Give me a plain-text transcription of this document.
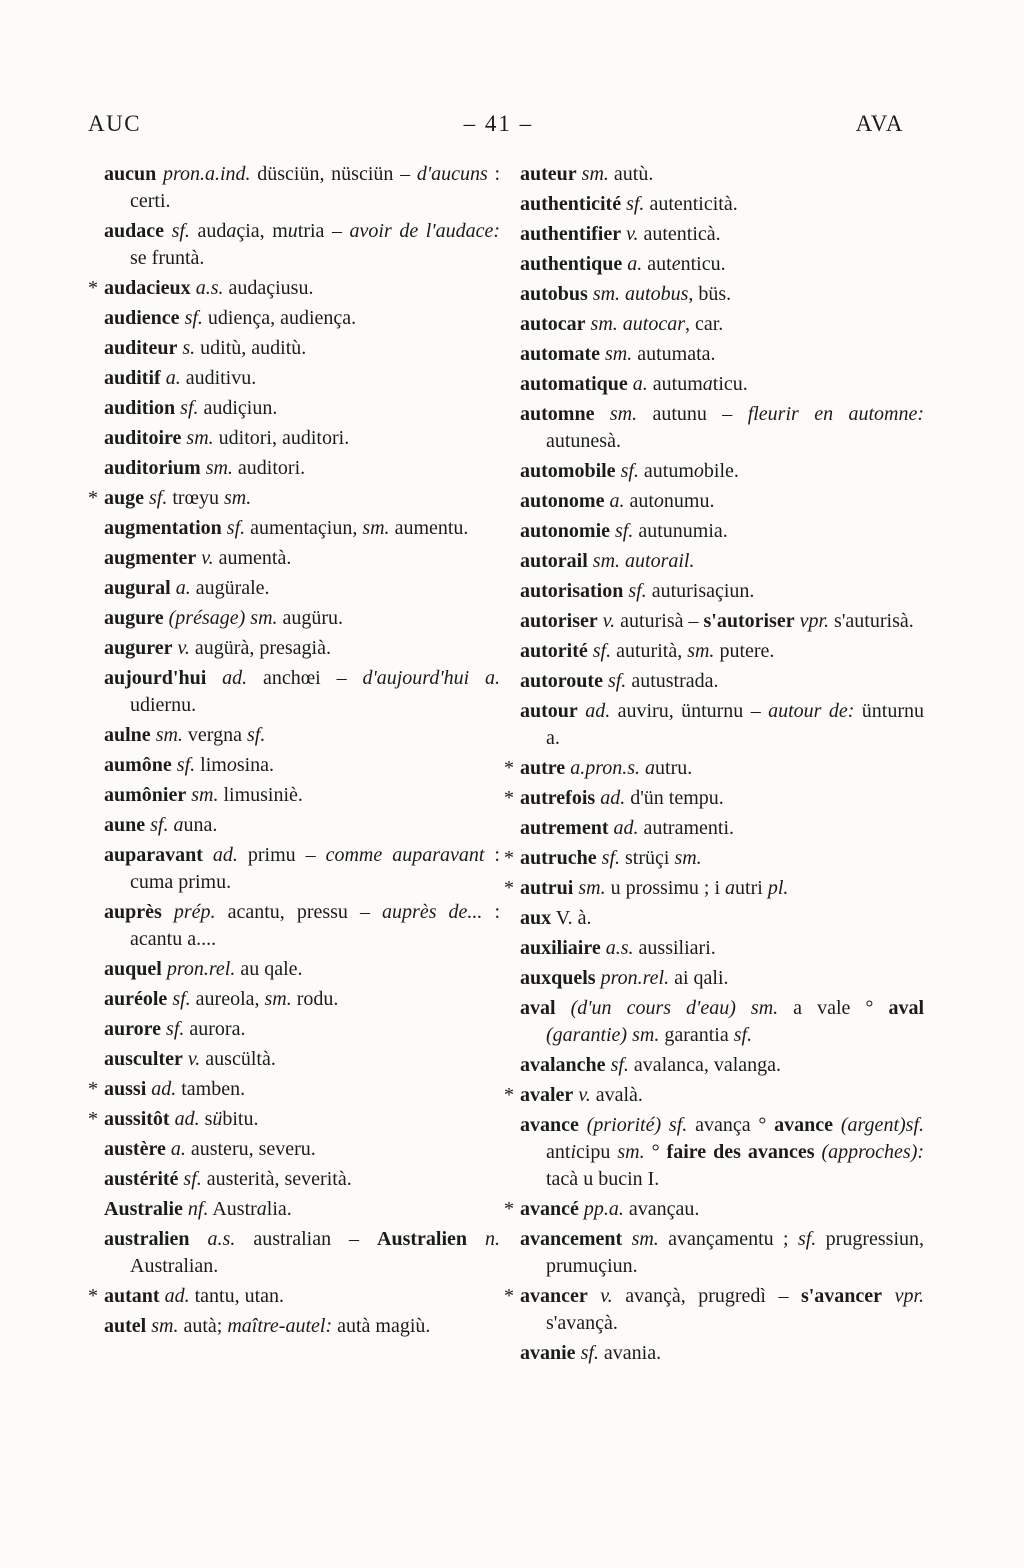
AUC	– 41 –	AVA
aucun pron.a.ind. düsciün, nüsciün – d'aucuns : certi.
audace sf. audaçia, mutria – avoir de l'audace: se fruntà.
* audacieux a.s. audaçiusu.
audience sf. udiença, audiença.
auditeur s. uditù, auditù.
auditif a. auditivu.
audition sf. audiçiun.
auditoire sm. uditori, auditori.
auditorium sm. auditori.
* auge sf. trœyu sm.
augmentation sf. aumentaçiun, sm. aumentu.
augmenter v. aumentà.
augural a. augürale.
augure (présage) sm. augüru.
augurer v. augürà, presagià.
aujourd'hui ad. anchœi – d'aujourd'hui a. udiernu.
aulne sm. vergna sf.
aumône sf. limosina.
aumônier sm. limusiniè.
aune sf. auna.
auparavant ad. primu – comme auparavant : cuma primu.
auprès prép. acantu, pressu – auprès de... : acantu a....
auquel pron.rel. au qale.
auréole sf. aureola, sm. rodu.
aurore sf. aurora.
ausculter v. auscültà.
* aussi ad. tamben.
* aussitôt ad. sübitu.
austère a. austeru, severu.
austérité sf. austerità, severità.
Australie nf. Australia.
australien a.s. australian – Australien n. Australian.
* autant ad. tantu, utan.
autel sm. autà; maître-autel: autà magiù.
auteur sm. autù.
authenticité sf. autenticità.
authentifier v. autenticà.
authentique a. autenticu.
autobus sm. autobus, büs.
autocar sm. autocar, car.
automate sm. autumata.
automatique a. autumaticu.
automne sm. autunu – fleurir en automne: autunesà.
automobile sf. autumobile.
autonome a. autonumu.
autonomie sf. autunumia.
autorail sm. autorail.
autorisation sf. auturisaçiun.
autoriser v. auturisà – s'autoriser vpr. s'auturisà.
autorité sf. auturità, sm. putere.
autoroute sf. autustrada.
autour ad. auviru, ünturnu – autour de: ünturnu a.
* autre a.pron.s. autru.
* autrefois ad. d'ün tempu.
autrement ad. autramenti.
* autruche sf. strüçi sm.
* autrui sm. u prossimu ; i autri pl.
aux V. à.
auxiliaire a.s. aussiliari.
auxquels pron.rel. ai qali.
aval (d'un cours d'eau) sm. a vale ° aval (garantie) sm. garantia sf.
avalanche sf. avalanca, valanga.
* avaler v. avalà.
avance (priorité) sf. avança ° avance (argent)sf. anticipu sm. ° faire des avances (approches): tacà u bucin I.
* avancé pp.a. avançau.
avancement sm. avançamentu ; sf. prugressiun, prumuçiun.
* avancer v. avançà, prugredì – s'avancer vpr. s'avançà.
avanie sf. avania.
